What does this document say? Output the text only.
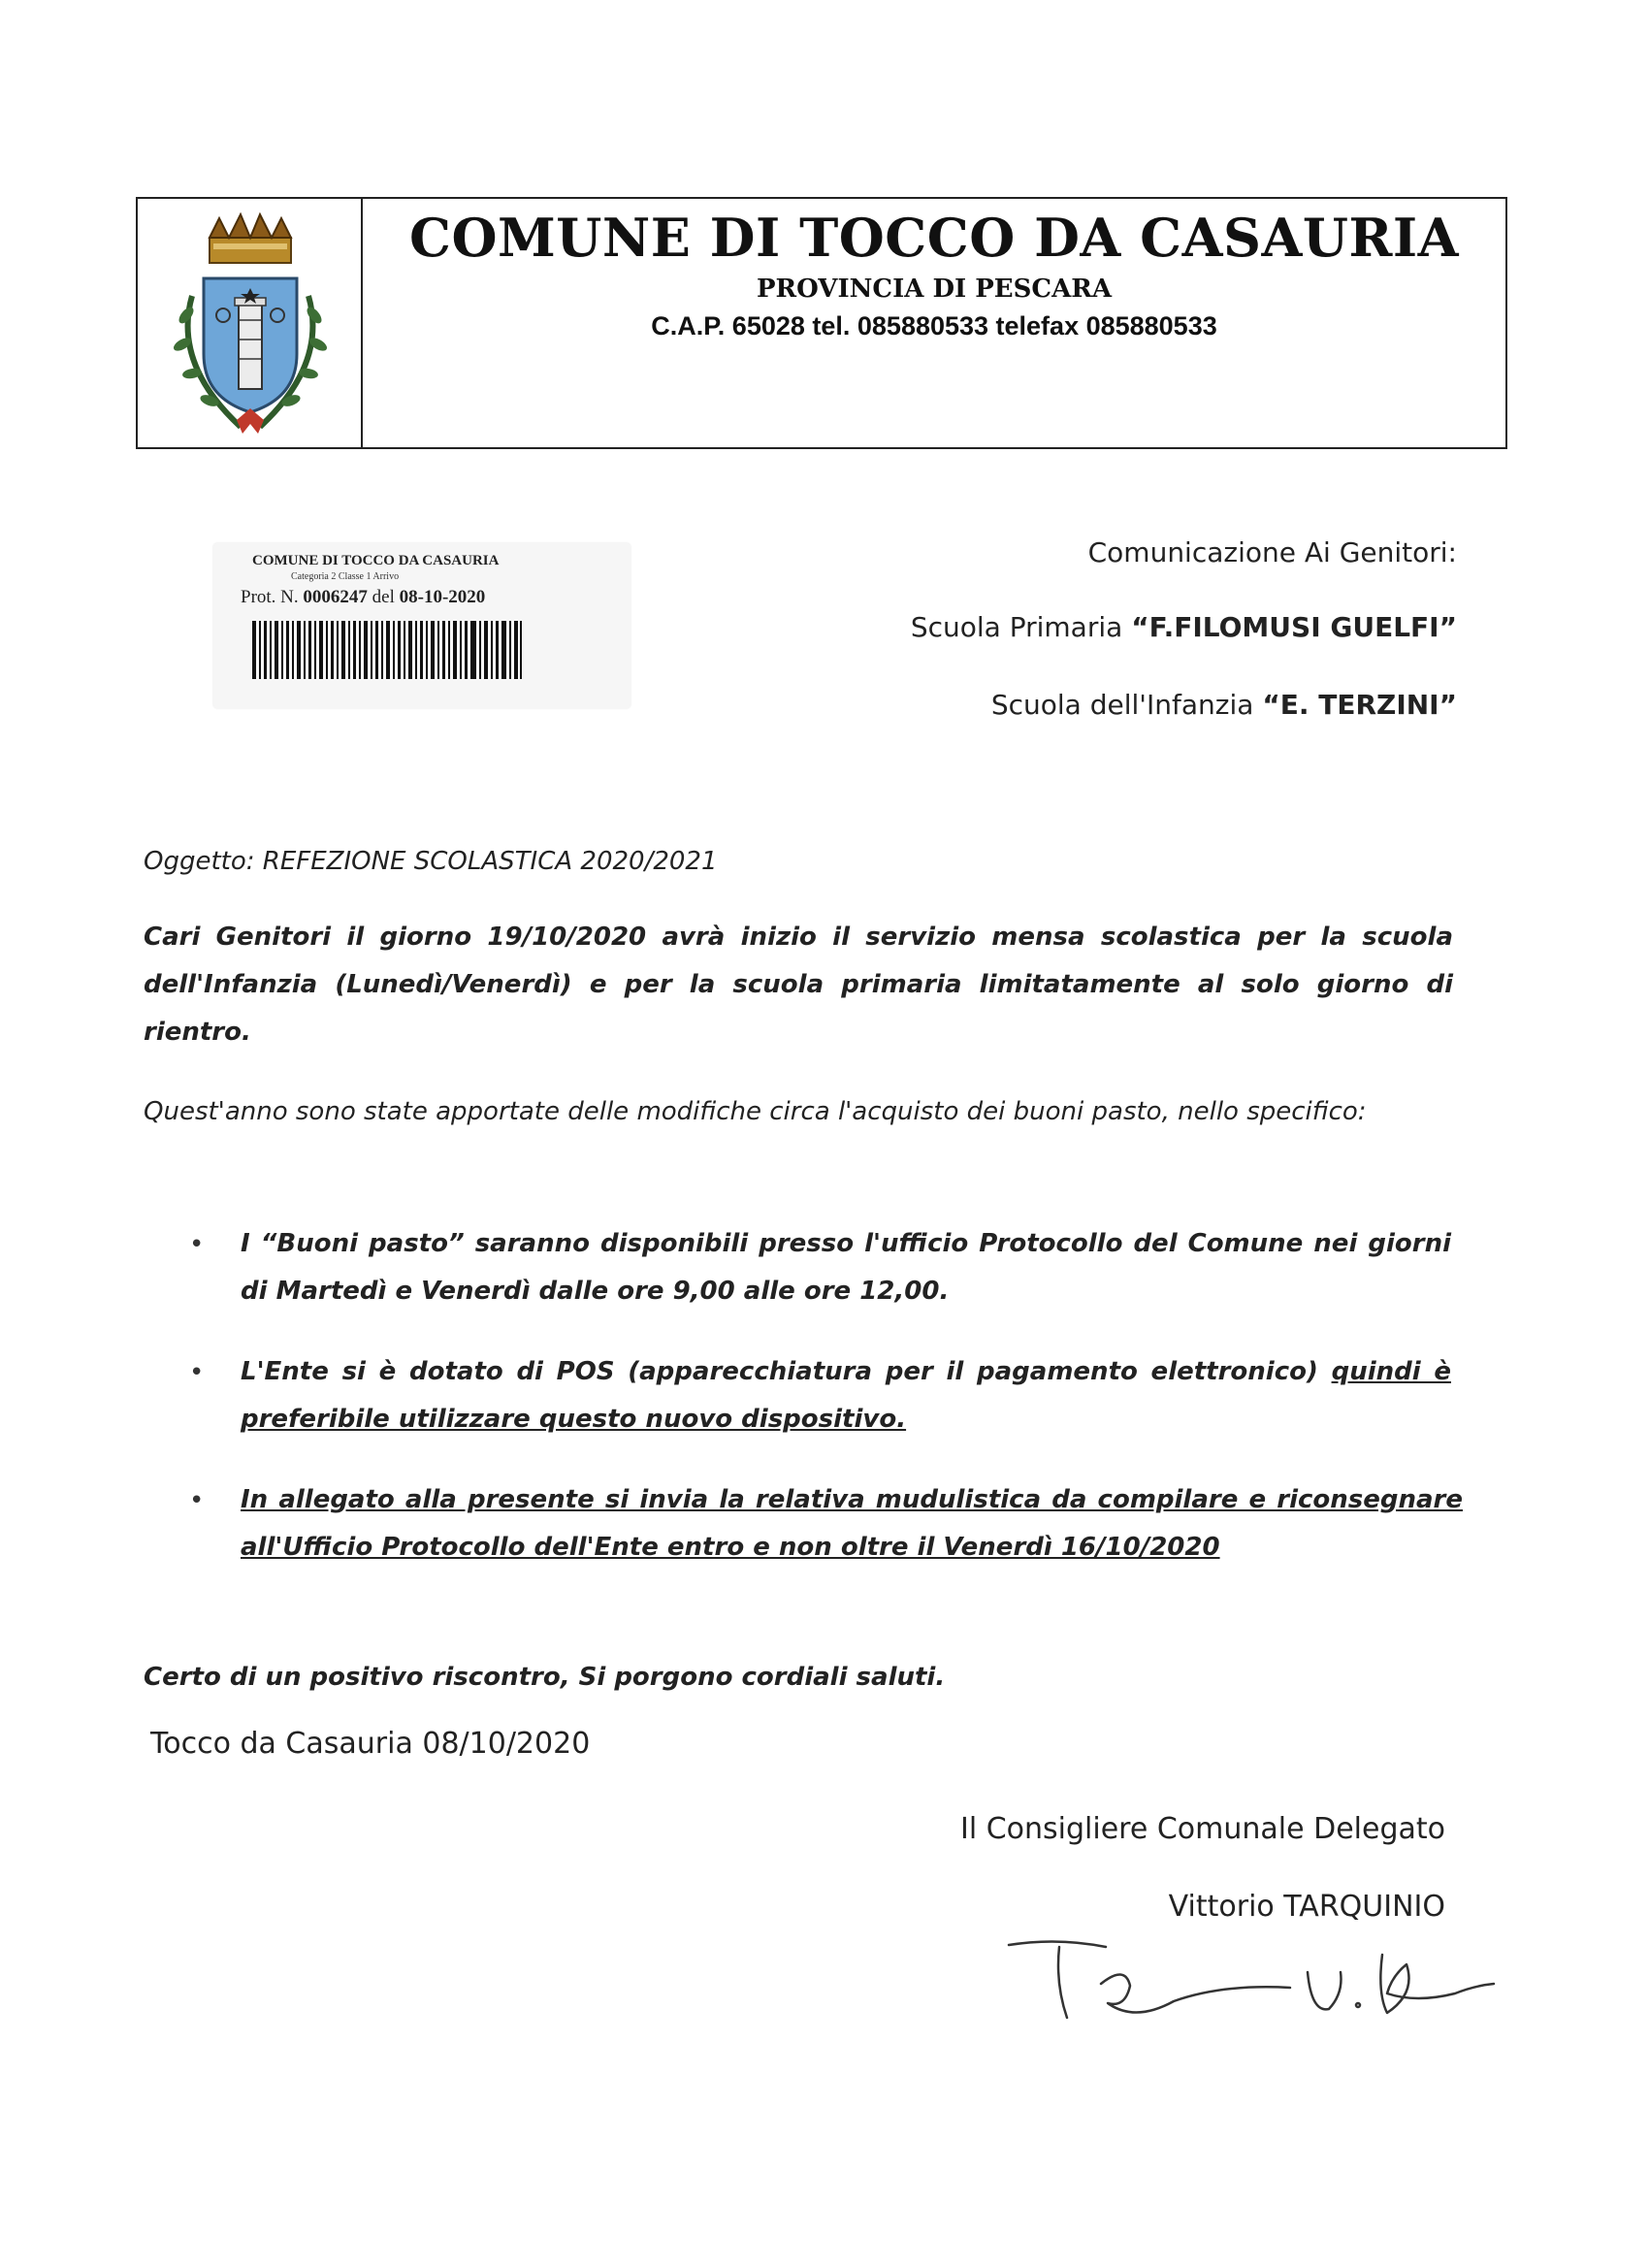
COMUNE DI TOCCO DA CASAURIA
PROVINCIA DI PESCARA
C.A.P. 65028 tel. 085880533 telefax 085880533
COMUNE DI TOCCO DA CASAURIA
Categoria 2 Classe 1 Arrivo
Prot. N. 0006247 del 08-10-2020
Comunicazione Ai Genitori:
Scuola Primaria “F.FILOMUSI GUELFI”
Scuola dell'Infanzia “E. TERZINI”
Oggetto: REFEZIONE SCOLASTICA 2020/2021
Cari Genitori il giorno 19/10/2020 avrà inizio il servizio mensa scolastica per la scuola dell'Infanzia (Lunedì/Venerdì) e per la scuola primaria limitatamente al solo giorno di rientro.
Quest'anno sono state apportate delle modifiche circa l'acquisto dei buoni pasto, nello specifico:
• I “Buoni pasto” saranno disponibili presso l'ufficio Protocollo del Comune nei giorni di Martedì e Venerdì dalle ore 9,00 alle ore 12,00.
• L'Ente si è dotato di POS (apparecchiatura per il pagamento elettronico) quindi è preferibile utilizzare questo nuovo dispositivo.
• In allegato alla presente si invia la relativa mudulistica da compilare e riconsegnare all'Ufficio Protocollo dell'Ente entro e non oltre il Venerdì 16/10/2020
Certo di un positivo riscontro, Si porgono cordiali saluti.
Tocco da Casauria 08/10/2020
Il Consigliere Comunale Delegato
Vittorio TARQUINIO
